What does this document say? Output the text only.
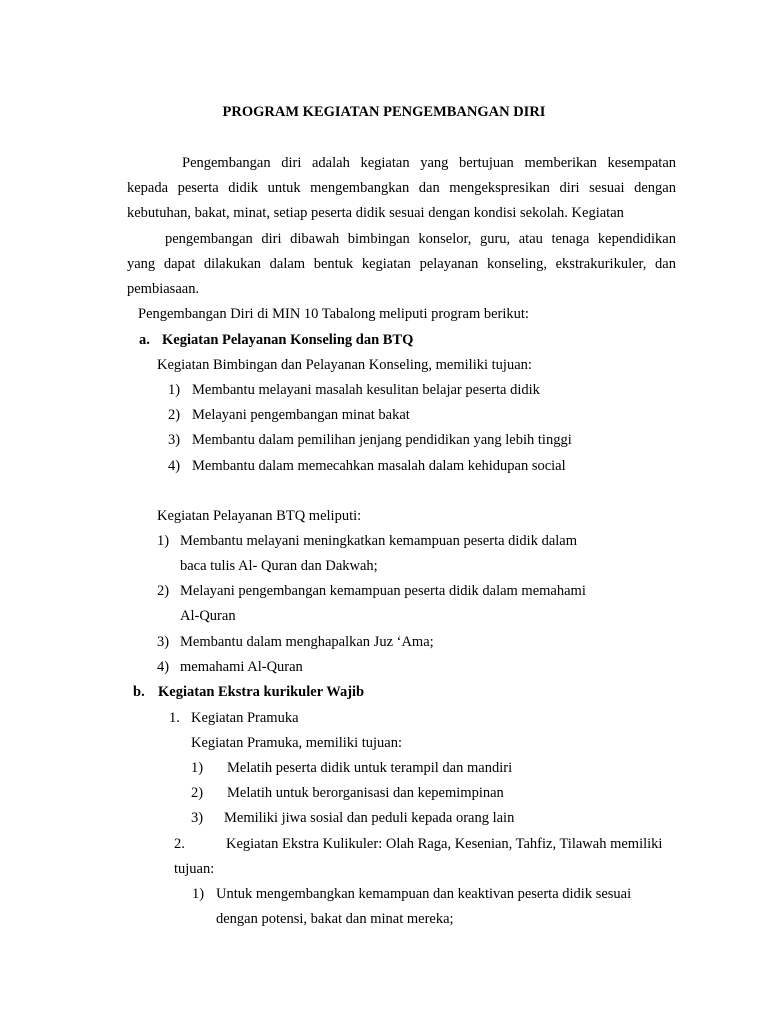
PROGRAM KEGIATAN PENGEMBANGAN DIRI
Pengembangan diri adalah kegiatan yang bertujuan memberikan kesempatan
kepada peserta didik untuk mengembangkan dan mengekspresikan diri sesuai dengan
kebutuhan, bakat, minat, setiap peserta didik sesuai dengan kondisi sekolah. Kegiatan
pengembangan diri dibawah bimbingan konselor, guru, atau tenaga kependidikan
yang dapat dilakukan dalam bentuk kegiatan pelayanan konseling, ekstrakurikuler, dan
pembiasaan.
Pengembangan Diri di MIN 10 Tabalong meliputi program berikut:
a. Kegiatan Pelayanan Konseling dan BTQ
Kegiatan Bimbingan dan Pelayanan Konseling, memiliki tujuan:
1) Membantu melayani masalah kesulitan belajar peserta didik
2) Melayani pengembangan minat bakat
3) Membantu dalam pemilihan jenjang pendidikan yang lebih tinggi
4) Membantu dalam memecahkan masalah dalam kehidupan social
Kegiatan Pelayanan BTQ meliputi:
1) Membantu melayani meningkatkan kemampuan peserta didik dalam
baca tulis Al- Quran dan Dakwah;
2) Melayani pengembangan kemampuan peserta didik dalam memahami
Al-Quran
3) Membantu dalam menghapalkan Juz ‘Ama;
4) memahami Al-Quran
b. Kegiatan Ekstra kurikuler Wajib
1. Kegiatan Pramuka
Kegiatan Pramuka, memiliki tujuan:
1) Melatih peserta didik untuk terampil dan mandiri
2) Melatih untuk berorganisasi dan kepemimpinan
3) Memiliki jiwa sosial dan peduli kepada orang lain
2.	Kegiatan Ekstra Kulikuler: Olah Raga, Kesenian, Tahfiz, Tilawah memiliki
tujuan:
1) Untuk mengembangkan kemampuan dan keaktivan peserta didik sesuai
dengan potensi, bakat dan minat mereka;
